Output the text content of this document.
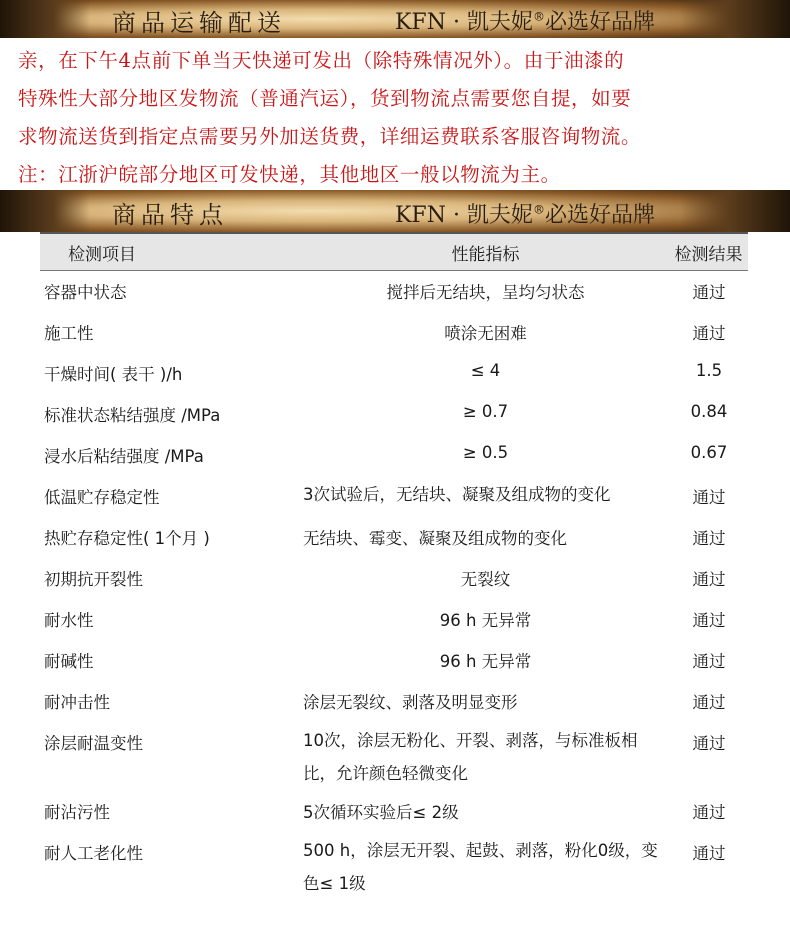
商品运输配送	KFN · 凯夫妮®必选好品牌
亲，在下午4点前下单当天快递可发出（除特殊情况外）。由于油漆的
特殊性大部分地区发物流（普通汽运），货到物流点需要您自提，如要
求物流送货到指定点需要另外加送货费，详细运费联系客服咨询物流。
注：江浙沪皖部分地区可发快递，其他地区一般以物流为主。
商品特点	KFN · 凯夫妮®必选好品牌
检测项目	性能指标	检测结果
容器中状态	搅拌后无结块，呈均匀状态	通过
施工性	喷涂无困难	通过
干燥时间( 表干 )/h	≤ 4	1.5
标准状态粘结强度 /MPa	≥ 0.7	0.84
浸水后粘结强度 /MPa	≥ 0.5	0.67
低温贮存稳定性	3次试验后，无结块、凝聚及组成物的变化	通过
热贮存稳定性( 1个月 )	无结块、霉变、凝聚及组成物的变化	通过
初期抗开裂性	无裂纹	通过
耐水性	96 h 无异常	通过
耐碱性	96 h 无异常	通过
耐冲击性	涂层无裂纹、剥落及明显变形	通过
涂层耐温变性	10次，涂层无粉化、开裂、剥落，与标准板相比，允许颜色轻微变化	通过
耐沾污性	5次循环实验后≤ 2级	通过
耐人工老化性	500 h，涂层无开裂、起鼓、剥落，粉化0级，变色≤ 1级	通过
